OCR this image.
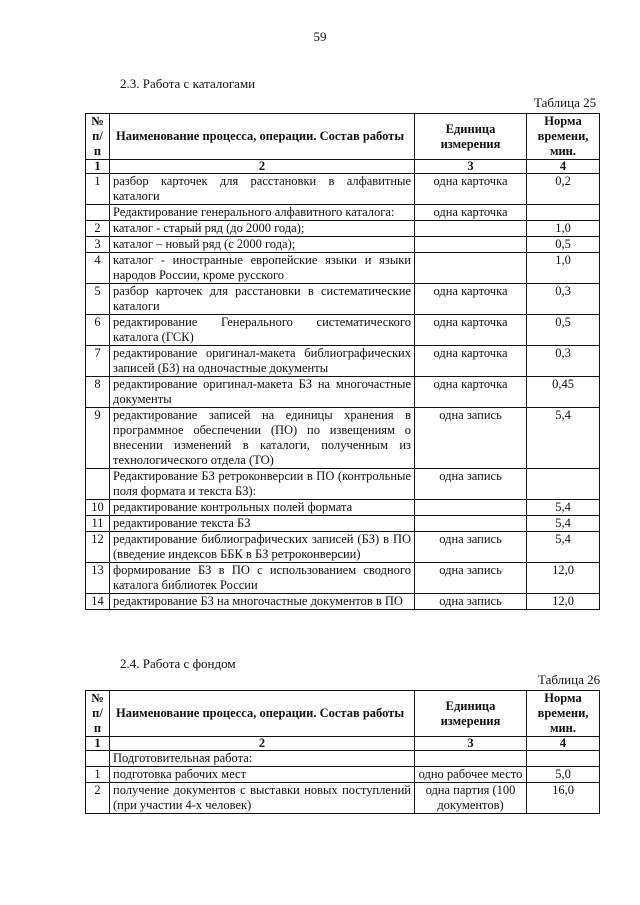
59
2.3. Работа с каталогами
Таблица 25
№ п/п	Наименование процесса, операции. Состав работы	Единица измерения	Норма времени, мин.
1	2	3	4
1	разбор карточек для расстановки в алфавитные каталоги	одна карточка	0,2
	Редактирование генерального алфавитного каталога:	одна карточка	
2	каталог - старый ряд (до 2000 года);		1,0
3	каталог – новый ряд (с 2000 года);		0,5
4	каталог - иностранные европейские языки и языки народов России, кроме русского		1,0
5	разбор карточек для расстановки в систематические каталоги	одна карточка	0,3
6	редактирование Генерального систематического каталога (ГСК)	одна карточка	0,5
7	редактирование оригинал-макета библиографических записей (БЗ) на одночастные документы	одна карточка	0,3
8	редактирование оригинал-макета БЗ на многочастные документы	одна карточка	0,45
9	редактирование записей на единицы хранения в программное обеспечении (ПО) по извещениям о внесении изменений в каталоги, полученным из технологического отдела (ТО)	одна запись	5,4
	Редактирование БЗ ретроконверсии в ПО (контрольные поля формата и текста БЗ):	одна запись	
10	редактирование контрольных полей формата		5,4
11	редактирование текста БЗ		5,4
12	редактирование библиографических записей (БЗ) в ПО (введение индексов ББК в БЗ ретроконверсии)	одна запись	5,4
13	формирование БЗ в ПО с использованием сводного каталога библиотек России	одна запись	12,0
14	редактирование БЗ на многочастные документов в ПО	одна запись	12,0
2.4. Работа с фондом
Таблица 26
№ п/п	Наименование процесса, операции. Состав работы	Единица измерения	Норма времени, мин.
1	2	3	4
	Подготовительная работа:		
1	подготовка рабочих мест	одно рабочее место	5,0
2	получение документов с выставки новых поступлений (при участии 4-х человек)	одна партия (100 документов)	16,0
